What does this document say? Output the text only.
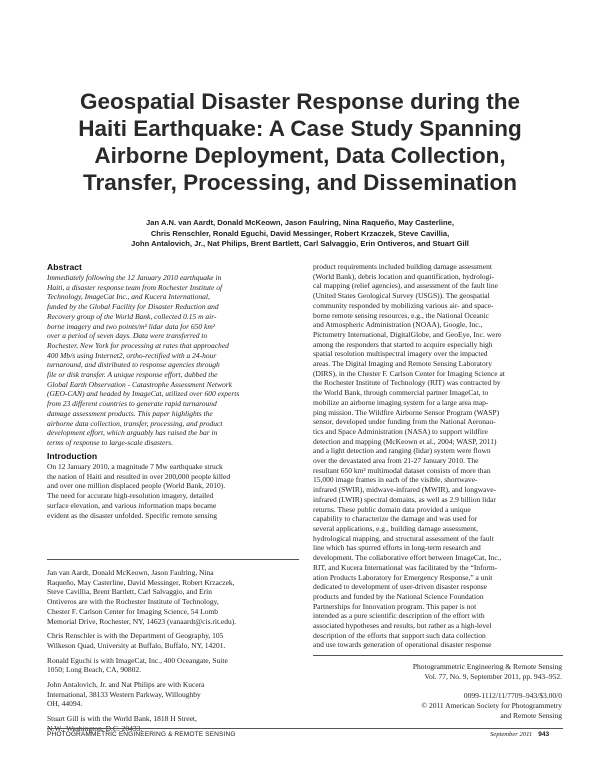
Geospatial Disaster Response during the
Haiti Earthquake: A Case Study Spanning
Airborne Deployment, Data Collection,
Transfer, Processing, and Dissemination
Jan A.N. van Aardt, Donald McKeown, Jason Faulring, Nina Raqueño, May Casterline,
Chris Renschler, Ronald Eguchi, David Messinger, Robert Krzaczek, Steve Cavillia,
John Antalovich, Jr., Nat Philips, Brent Bartlett, Carl Salvaggio, Erin Ontiveros, and Stuart Gill
Abstract
Immediately following the 12 January 2010 earthquake in
Haiti, a disaster response team from Rochester Institute of
Technology, ImageCat Inc., and Kucera International,
funded by the Global Facility for Disaster Reduction and
Recovery group of the World Bank, collected 0.15 m air-
borne imagery and two points/m² lidar data for 650 km²
over a period of seven days. Data were transferred to
Rochester, New York for processing at rates that approached
400 Mb/s using Internet2, ortho-rectified with a 24-hour
turnaround, and distributed to response agencies through
file or disk transfer. A unique response effort, dubbed the
Global Earth Observation - Catastrophe Assessment Network
(GEO-CAN) and headed by ImageCat, utilized over 600 experts
from 23 different countries to generate rapid turnaround
damage assessment products. This paper highlights the
airborne data collection, transfer, processing, and product
development effort, which arguably has raised the bar in
terms of response to large-scale disasters.
Introduction
On 12 January 2010, a magnitude 7 Mw earthquake struck
the nation of Haiti and resulted in over 200,000 people killed
and over one million displaced people (World Bank, 2010).
The need for accurate high-resolution imagery, detailed
surface elevation, and various information maps became
evident as the disaster unfolded. Specific remote sensing
Jan van Aardt, Donald McKeown, Jason Faulring, Nina
Raqueño, May Casterline, David Messinger, Robert Krzaczek,
Steve Cavillia, Brent Bartlett, Carl Salvaggio, and Erin
Ontiveros are with the Rochester Institute of Technology,
Chester F. Carlson Center for Imaging Science, 54 Lomb
Memorial Drive, Rochester, NY, 14623 (vanaardt@cis.rit.edu).
Chris Renschler is with the Department of Geography, 105
Wilkeson Quad, University at Buffalo, Buffalo, NY, 14201.
Ronald Eguchi is with ImageCat, Inc., 400 Oceangate, Suite
1050; Long Beach, CA, 90802.
John Antalovich, Jr. and Nat Philips are with Kucera
International, 38133 Western Parkway, Willoughby
OH, 44094.
Stuart Gill is with the World Bank, 1818 H Street,
N.W., Washington, D.C. 20433.
product requirements included building damage assessment
(World Bank), debris location and quantification, hydrologi-
cal mapping (relief agencies), and assessment of the fault line
(United States Geological Survey (USGS)). The geospatial
community responded by mobilizing various air- and space-
borne remote sensing resources, e.g., the National Oceanic
and Atmospheric Administration (NOAA), Google, Inc.,
Pictometry International, DigitalGlobe, and GeoEye, Inc. were
among the responders that started to acquire especially high
spatial resolution multispectral imagery over the impacted
areas. The Digital Imaging and Remote Sensing Laboratory
(DIRS), in the Chester F. Carlson Center for Imaging Science at
the Rochester Institute of Technology (RIT) was contracted by
the World Bank, through commercial partner ImageCat, to
mobilize an airborne imaging system for a large area map-
ping mission. The Wildfire Airborne Sensor Program (WASP)
sensor, developed under funding from the National Aeronau-
tics and Space Administration (NASA) to support wildfire
detection and mapping (McKeown et al., 2004; WASP, 2011)
and a light detection and ranging (lidar) system were flown
over the devastated area from 21-27 January 2010. The
resultant 650 km² multimodal dataset consists of more than
15,000 image frames in each of the visible, shortwave-
infrared (SWIR), midwave-infrared (MWIR), and longwave-
infrared (LWIR) spectral domains, as well as 2.9 billion lidar
returns. These public domain data provided a unique
capability to characterize the damage and was used for
several applications, e.g., building damage assessment,
hydrological mapping, and structural assessment of the fault
line which has spurred efforts in long-term research and
development. The collaborative effort between ImageCat, Inc.,
RIT, and Kucera International was facilitated by the “Inform-
ation Products Laboratory for Emergency Response,” a unit
dedicated to development of user-driven disaster response
products and funded by the National Science Foundation
Partnerships for Innovation program. This paper is not
intended as a pure scientific description of the effort with
associated hypotheses and results, but rather as a high-level
description of the efforts that support such data collection
and use towards generation of operational disaster response
Photogrammetric Engineering & Remote Sensing
Vol. 77, No. 9, September 2011, pp. 943–952.

0099-1112/11/7709–943/$3.00/0
© 2011 American Society for Photogrammetry
and Remote Sensing
PHOTOGRAMMETRIC ENGINEERING & REMOTE SENSING	September 2011 943
